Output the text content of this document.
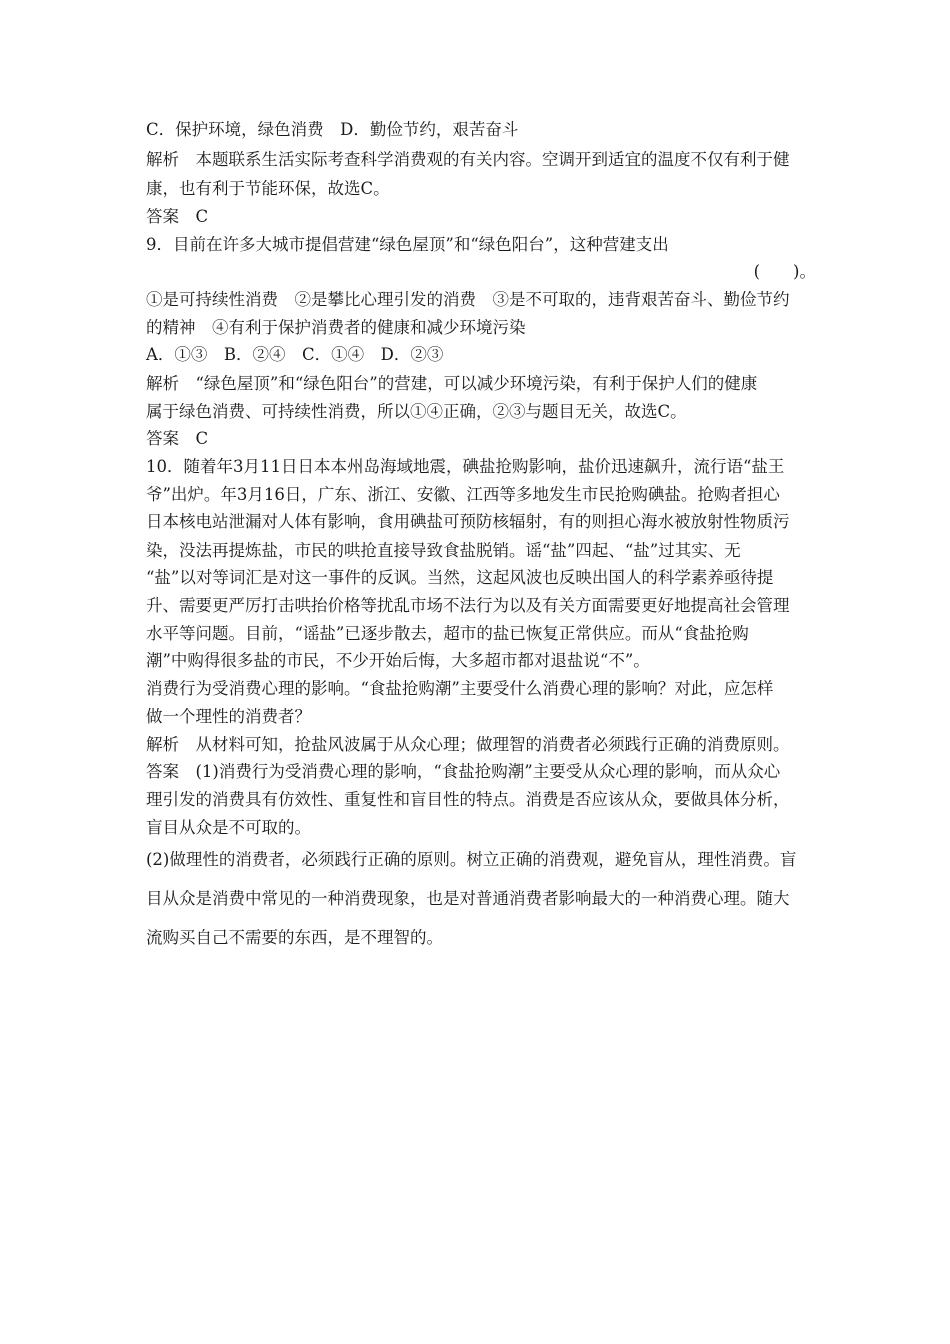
C．保护环境，绿色消费　D．勤俭节约，艰苦奋斗
解析　本题联系生活实际考查科学消费观的有关内容。空调开到适宜的温度不仅有利于健
康，也有利于节能环保，故选C。
答案　C
9．目前在许多大城市提倡营建“绿色屋顶”和“绿色阳台”，这种营建支出
(　　)。
①是可持续性消费　②是攀比心理引发的消费　③是不可取的，违背艰苦奋斗、勤俭节约
的精神　④有利于保护消费者的健康和减少环境污染
A．①③　B．②④　C．①④　D．②③
解析　“绿色屋顶”和“绿色阳台”的营建，可以减少环境污染，有利于保护人们的健康
属于绿色消费、可持续性消费，所以①④正确，②③与题目无关，故选C。
答案　C
10．随着年3月11日日本本州岛海域地震，碘盐抢购影响，盐价迅速飙升，流行语“盐王
爷”出炉。年3月16日，广东、浙江、安徽、江西等多地发生市民抢购碘盐。抢购者担心
日本核电站泄漏对人体有影响，食用碘盐可预防核辐射，有的则担心海水被放射性物质污
染，没法再提炼盐，市民的哄抢直接导致食盐脱销。谣“盐”四起、“盐”过其实、无
“盐”以对等词汇是对这一事件的反讽。当然，这起风波也反映出国人的科学素养亟待提
升、需要更严厉打击哄抬价格等扰乱市场不法行为以及有关方面需要更好地提高社会管理
水平等问题。目前，“谣盐”已逐步散去，超市的盐已恢复正常供应。而从“食盐抢购
潮”中购得很多盐的市民，不少开始后悔，大多超市都对退盐说“不”。
消费行为受消费心理的影响。“食盐抢购潮”主要受什么消费心理的影响？对此，应怎样
做一个理性的消费者？
解析　从材料可知，抢盐风波属于从众心理；做理智的消费者必须践行正确的消费原则。
答案　(1)消费行为受消费心理的影响，“食盐抢购潮”主要受从众心理的影响，而从众心
理引发的消费具有仿效性、重复性和盲目性的特点。消费是否应该从众，要做具体分析，
盲目从众是不可取的。
(2)做理性的消费者，必须践行正确的原则。树立正确的消费观，避免盲从，理性消费。盲
目从众是消费中常见的一种消费现象，也是对普通消费者影响最大的一种消费心理。随大
流购买自己不需要的东西，是不理智的。
